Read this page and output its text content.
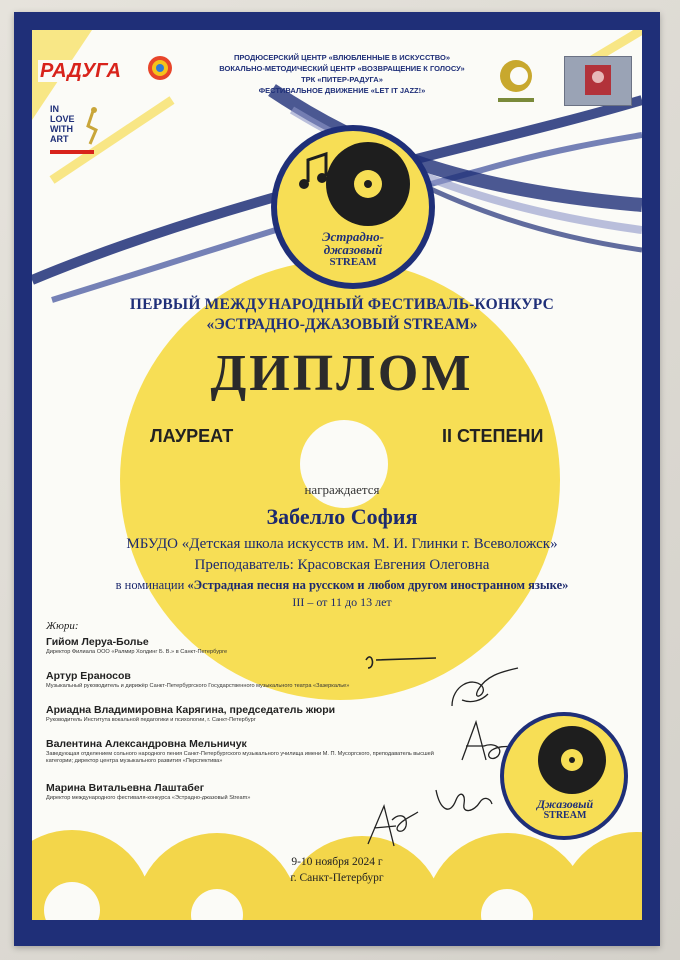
РАДУГА
IN
LOVE
WITH
ART
ПРОДЮСЕРСКИЙ ЦЕНТР «ВЛЮБЛЕННЫЕ В ИСКУССТВО»
ВОКАЛЬНО-МЕТОДИЧЕСКИЙ ЦЕНТР «ВОЗВРАЩЕНИЕ К ГОЛОСУ»
ТРК «ПИТЕР-РАДУГА»
ФЕСТИВАЛЬНОЕ ДВИЖЕНИЕ «LET IT JAZZ!»
Эстрадно-
джазовый
STREAM
ПЕРВЫЙ МЕЖДУНАРОДНЫЙ ФЕСТИВАЛЬ-КОНКУРС
«ЭСТРАДНО-ДЖАЗОВЫЙ STREAM»
ДИПЛОМ
ЛАУРЕАТ	II СТЕПЕНИ
награждается
Забелло София
МБУДО «Детская школа искусств им. М. И. Глинки г. Всеволожск»
Преподаватель: Красовская Евгения Олеговна
в номинации «Эстрадная песня на русском и любом другом иностранном языке»
III – от 11 до 13 лет
Жюри:
Гийом Леруа-Болье
Директор Филиала ООО «Ралмир Холдинг Б. В.» в Санкт-Петербурге
Артур Ераносов
Музыкальный руководитель и дирижёр Санкт-Петербургского Государственного музыкального театра «Зазеркалье»
Ариадна Владимировна Карягина, председатель жюри
Руководитель Института вокальной педагогики и психологии, г. Санкт-Петербург
Валентина Александровна Мельничук
Заведующая отделением сольного народного пения Санкт-Петербургского музыкального училища имени М. П. Мусоргского, преподаватель высшей категории; директор центра музыкального развития «Перспектива»
Марина Витальевна Лаштабег
Директор международного фестиваля-конкурса «Эстрадно-джазовый Stream»	Джазовый
STREAM
9-10 ноября 2024 г
г. Санкт-Петербург
